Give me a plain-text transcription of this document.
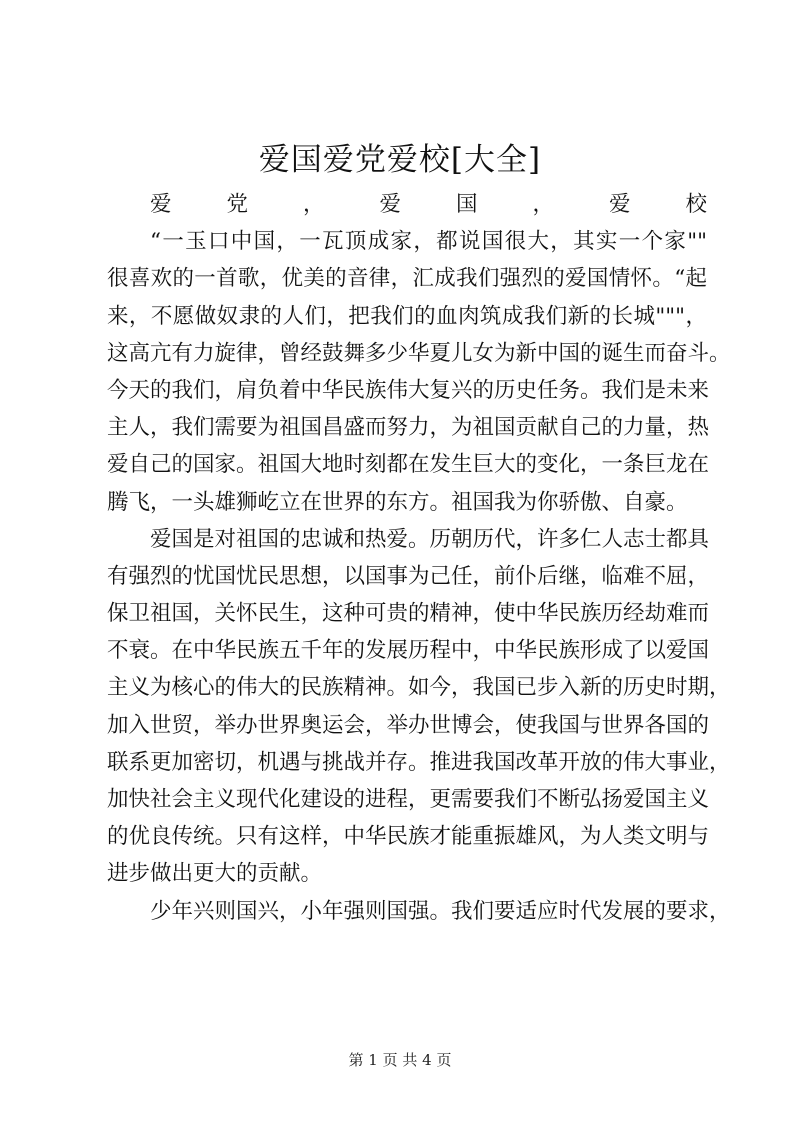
爱国爱党爱校[大全]
爱党，爱国，爱校
“一玉口中国，一瓦顶成家，都说国很大，其实一个家""
很喜欢的一首歌，优美的音律，汇成我们强烈的爱国情怀。“起
来，不愿做奴隶的人们，把我们的血肉筑成我们新的长城"""，
这高亢有力旋律，曾经鼓舞多少华夏儿女为新中国的诞生而奋斗。
今天的我们，肩负着中华民族伟大复兴的历史任务。我们是未来
主人，我们需要为祖国昌盛而努力，为祖国贡献自己的力量，热
爱自己的国家。祖国大地时刻都在发生巨大的变化，一条巨龙在
腾飞，一头雄狮屹立在世界的东方。祖国我为你骄傲、自豪。
爱国是对祖国的忠诚和热爱。历朝历代，许多仁人志士都具
有强烈的忧国忧民思想，以国事为己任，前仆后继，临难不屈，
保卫祖国，关怀民生，这种可贵的精神，使中华民族历经劫难而
不衰。在中华民族五千年的发展历程中，中华民族形成了以爱国
主义为核心的伟大的民族精神。如今，我国已步入新的历史时期，
加入世贸，举办世界奥运会，举办世博会，使我国与世界各国的
联系更加密切，机遇与挑战并存。推进我国改革开放的伟大事业，
加快社会主义现代化建设的进程，更需要我们不断弘扬爱国主义
的优良传统。只有这样，中华民族才能重振雄风，为人类文明与
进步做出更大的贡献。
少年兴则国兴，小年强则国强。我们要适应时代发展的要求，
第 1 页 共 4 页
